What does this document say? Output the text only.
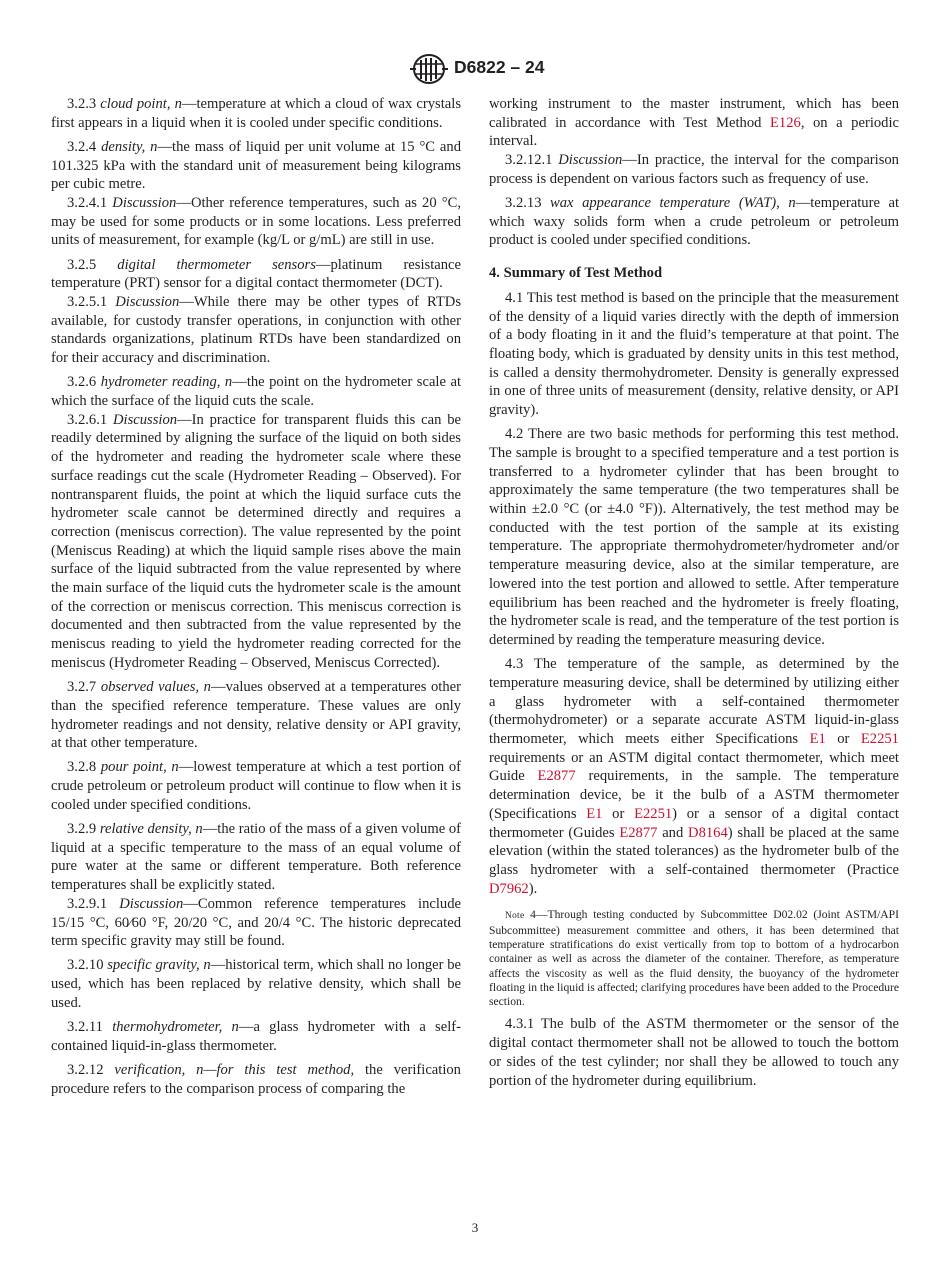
D6822 – 24

3.2.3 cloud point, n—temperature at which a cloud of wax crystals first appears in a liquid when it is cooled under specific conditions.

3.2.4 density, n—the mass of liquid per unit volume at 15 °C and 101.325 kPa with the standard unit of measurement being kilograms per cubic metre.

3.2.4.1 Discussion—Other reference temperatures, such as 20 °C, may be used for some products or in some locations. Less preferred units of measurement, for example (kg/L or g/mL) are still in use.

3.2.5 digital thermometer sensors—platinum resistance temperature (PRT) sensor for a digital contact thermometer (DCT).

3.2.5.1 Discussion—While there may be other types of RTDs available, for custody transfer operations, in conjunction with other standards organizations, platinum RTDs have been standardized on for their accuracy and discrimination.

3.2.6 hydrometer reading, n—the point on the hydrometer scale at which the surface of the liquid cuts the scale.

3.2.6.1 Discussion—In practice for transparent fluids this can be readily determined by aligning the surface of the liquid on both sides of the hydrometer and reading the hydrometer scale where these surface readings cut the scale (Hydrometer Reading – Observed). For nontransparent fluids, the point at which the liquid surface cuts the hydrometer scale cannot be determined directly and requires a correction (meniscus correction). The value represented by the point (Meniscus Reading) at which the liquid sample rises above the main surface of the liquid subtracted from the value represented by where the main surface of the liquid cuts the hydrometer scale is the amount of the correction or meniscus correction. This meniscus correction is documented and then subtracted from the value represented by the meniscus reading to yield the hydrometer reading corrected for the meniscus (Hydrometer Reading – Observed, Meniscus Corrected).

3.2.7 observed values, n—values observed at a temperatures other than the specified reference temperature. These values are only hydrometer readings and not density, relative density or API gravity, at that other temperature.

3.2.8 pour point, n—lowest temperature at which a test portion of crude petroleum or petroleum product will continue to flow when it is cooled under specified conditions.

3.2.9 relative density, n—the ratio of the mass of a given volume of liquid at a specific temperature to the mass of an equal volume of pure water at the same or different temperature. Both reference temperatures shall be explicitly stated.

3.2.9.1 Discussion—Common reference temperatures include 15/15 °C, 60⁄60 °F, 20/20 °C, and 20/4 °C. The historic deprecated term specific gravity may still be found.

3.2.10 specific gravity, n—historical term, which shall no longer be used, which has been replaced by relative density, which shall be used.

3.2.11 thermohydrometer, n—a glass hydrometer with a self-contained liquid-in-glass thermometer.

3.2.12 verification, n—for this test method, the verification procedure refers to the comparison process of comparing the

working instrument to the master instrument, which has been calibrated in accordance with Test Method E126, on a periodic interval.

3.2.12.1 Discussion—In practice, the interval for the comparison process is dependent on various factors such as frequency of use.

3.2.13 wax appearance temperature (WAT), n—temperature at which waxy solids form when a crude petroleum or petroleum product is cooled under specified conditions.

4. Summary of Test Method

4.1 This test method is based on the principle that the measurement of the density of a liquid varies directly with the depth of immersion of a body floating in it and the fluid’s temperature at that point. The floating body, which is graduated by density units in this test method, is called a density thermohydrometer. Density is generally expressed in one of three units of measurement (density, relative density, or API gravity).

4.2 There are two basic methods for performing this test method. The sample is brought to a specified temperature and a test portion is transferred to a hydrometer cylinder that has been brought to approximately the same temperature (the two temperatures shall be within ±2.0 °C (or ±4.0 °F)). Alternatively, the test method may be conducted with the test portion of the sample at its existing temperature. The appropriate thermohydrometer/hydrometer and/or temperature measuring device, also at the similar temperature, are lowered into the test portion and allowed to settle. After temperature equilibrium has been reached and the hydrometer is freely floating, the hydrometer scale is read, and the temperature of the test portion is determined by reading the temperature measuring device.

4.3 The temperature of the sample, as determined by the temperature measuring device, shall be determined by utilizing either a glass hydrometer with a self-contained thermometer (thermohydrometer) or a separate accurate ASTM liquid-in-glass thermometer, which meets either Specifications E1 or E2251 requirements or an ASTM digital contact thermometer, which meet Guide E2877 requirements, in the sample. The temperature determination device, be it the bulb of a ASTM thermometer (Specifications E1 or E2251) or a sensor of a digital contact thermometer (Guides E2877 and D8164) shall be placed at the same elevation (within the stated tolerances) as the hydrometer bulb of the glass hydrometer with a self-contained thermometer (Practice D7962).

Note 4—Through testing conducted by Subcommittee D02.02 (Joint ASTM/API Subcommittee) measurement committee and others, it has been determined that temperature stratifications do exist vertically from top to bottom of a hydrocarbon container as well as across the diameter of the container. Therefore, as temperature affects the viscosity as well as the fluid density, the buoyancy of the hydrometer floating in the liquid is affected; clarifying procedures have been added to the Procedure section.

4.3.1 The bulb of the ASTM thermometer or the sensor of the digital contact thermometer shall not be allowed to touch the bottom or sides of the test cylinder; nor shall they be allowed to touch any portion of the hydrometer during equilibrium.

3
